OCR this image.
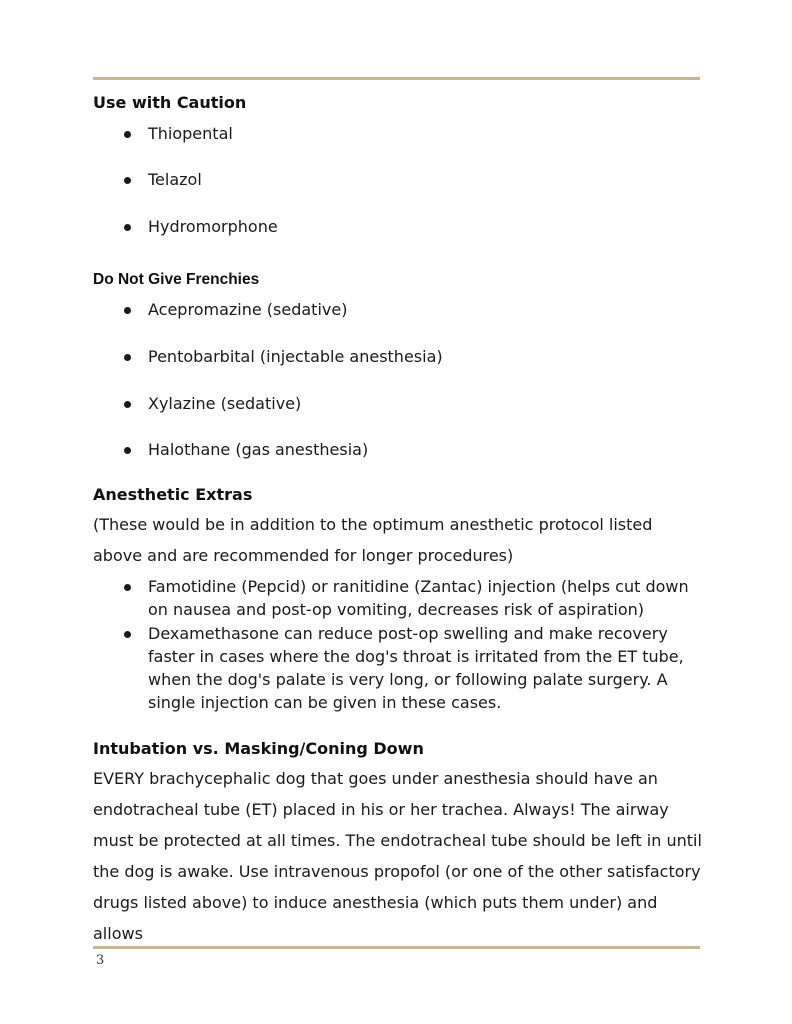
Use with Caution
Thiopental
Telazol
Hydromorphone
Do Not Give Frenchies
Acepromazine (sedative)
Pentobarbital (injectable anesthesia)
Xylazine (sedative)
Halothane (gas anesthesia)
Anesthetic Extras

(These would be in addition to the optimum anesthetic protocol listed above and are recommended for longer procedures)

Famotidine (Pepcid) or ranitidine (Zantac) injection (helps cut down on nausea and post-op vomiting, decreases risk of aspiration)
Dexamethasone can reduce post-op swelling and make recovery faster in cases where the dog's throat is irritated from the ET tube, when the dog's palate is very long, or following palate surgery. A single injection can be given in these cases.
Intubation vs. Masking/Coning Down

EVERY brachycephalic dog that goes under anesthesia should have an endotracheal tube (ET) placed in his or her trachea. Always! The airway must be protected at all times. The endotracheal tube should be left in until the dog is awake. Use intravenous propofol (or one of the other satisfactory drugs listed above) to induce anesthesia (which puts them under) and allows

3
